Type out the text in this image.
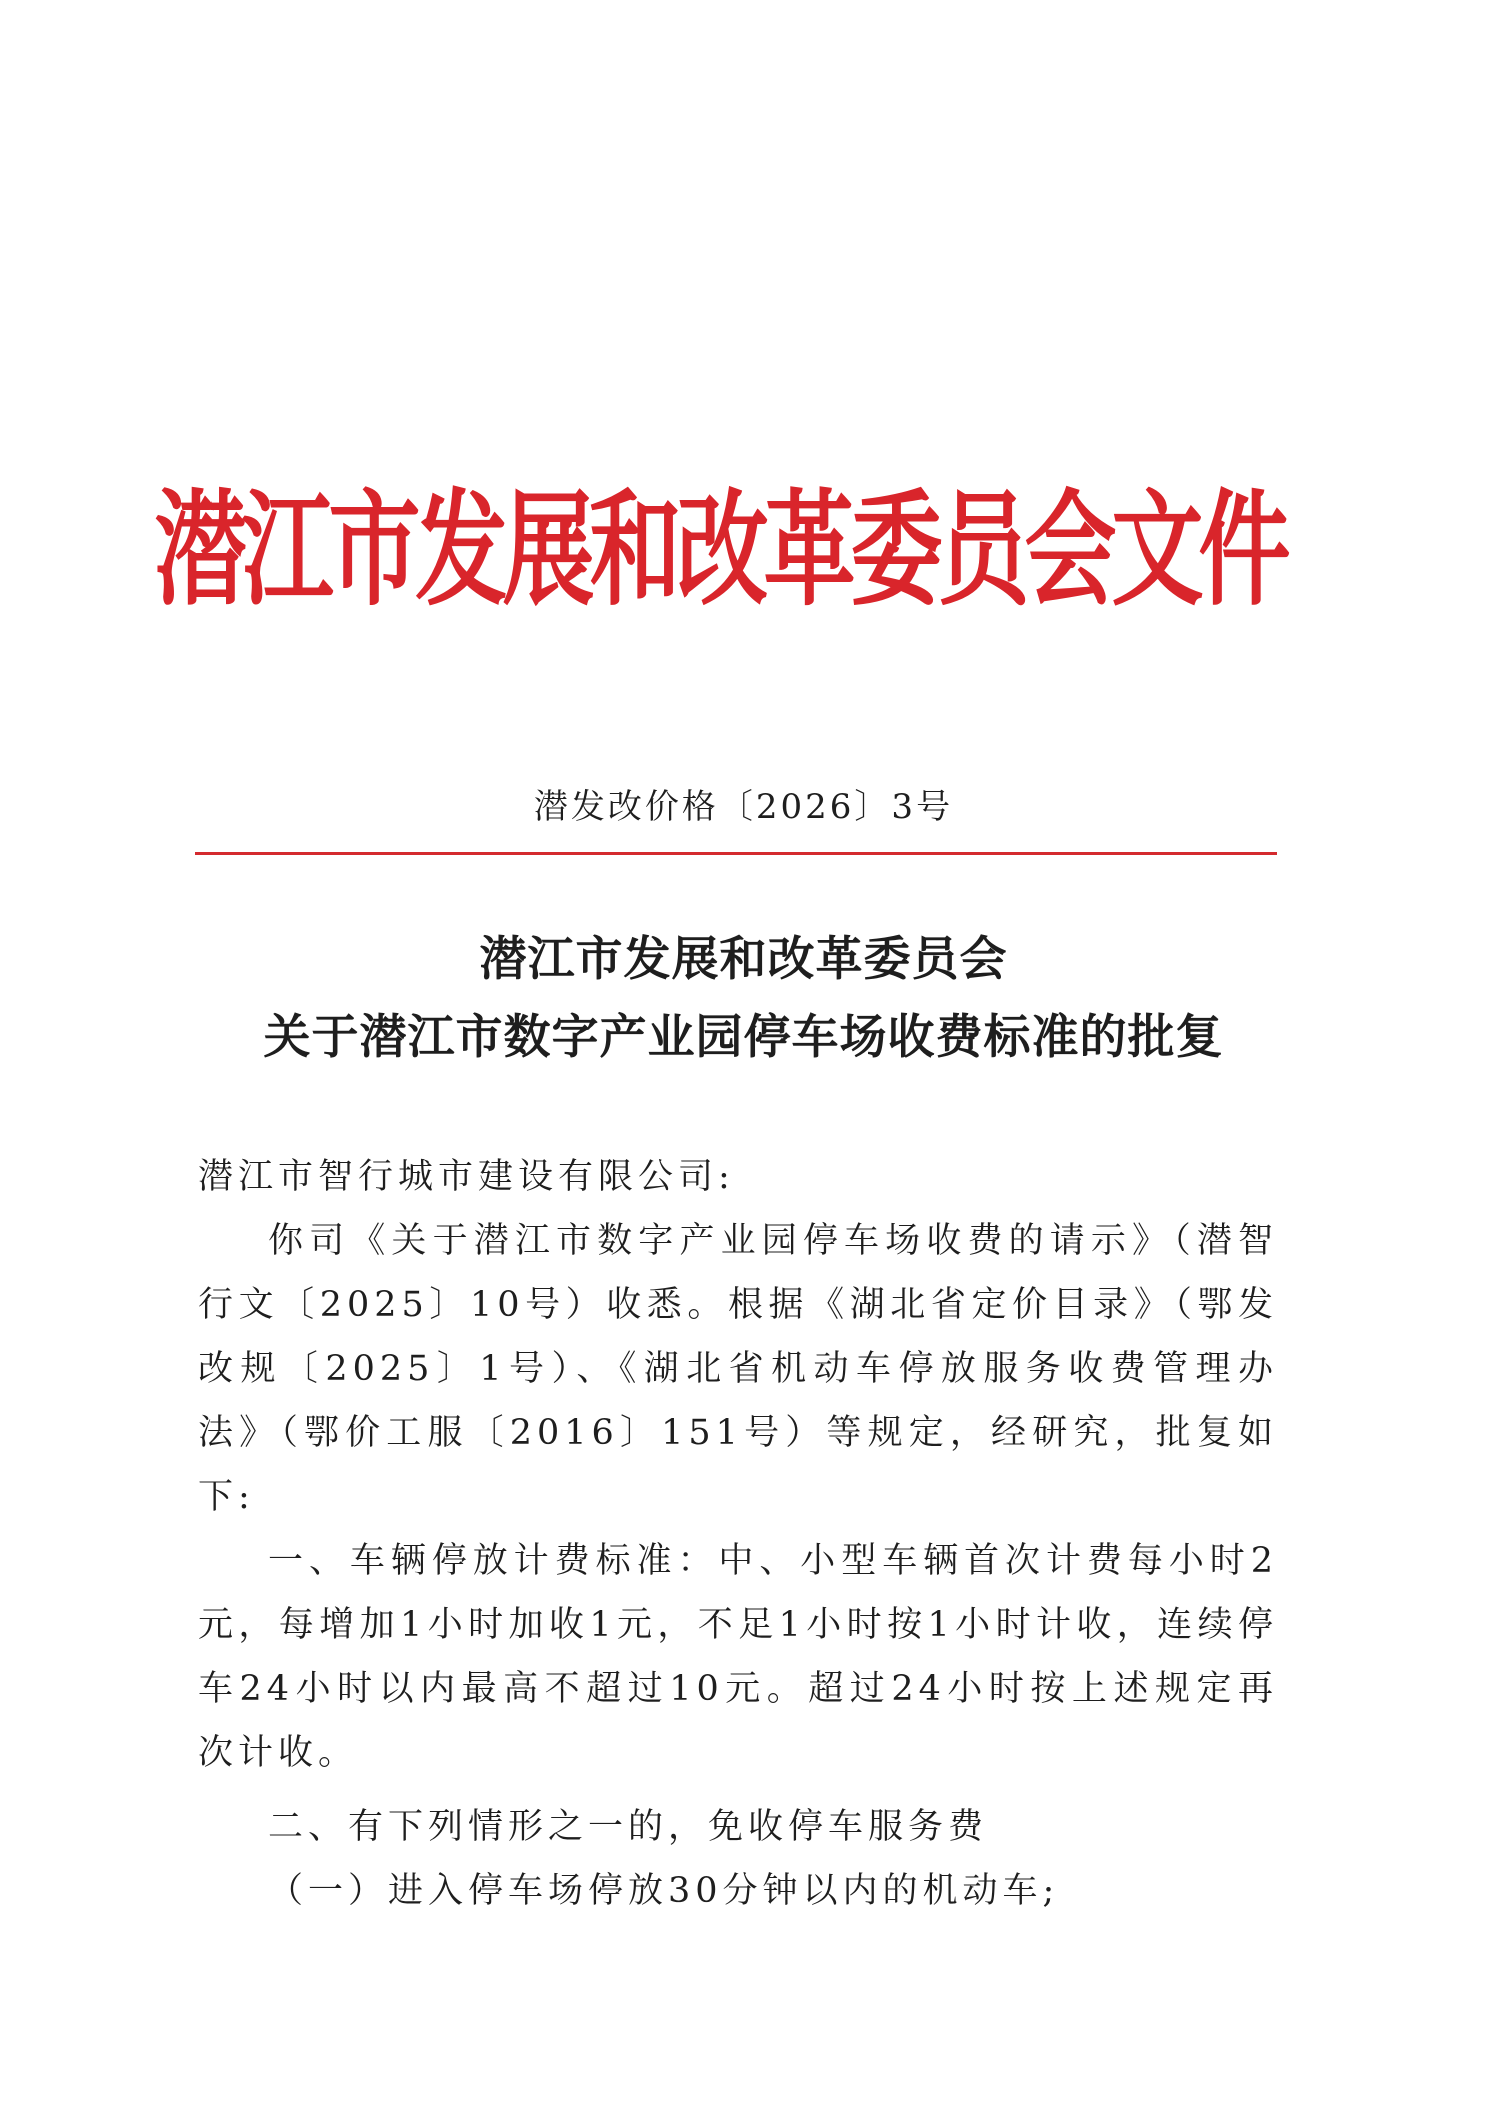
潜江市发展和改革委员会文件
潜发改价格〔2026〕3号
潜江市发展和改革委员会
关于潜江市数字产业园停车场收费标准的批复

潜江市智行城市建设有限公司:

你司《关于潜江市数字产业园停车场收费的请示》（潜智行文〔2025〕10号）收悉。根据《湖北省定价目录》（鄂发改规〔2025〕1号）、《湖北省机动车停放服务收费管理办法》（鄂价工服〔2016〕151号）等规定，经研究，批复如下:

一、车辆停放计费标准：中、小型车辆首次计费每小时2元，每增加1小时加收1元，不足1小时按1小时计收，连续停车24小时以内最高不超过10元。超过24小时按上述规定再次计收。

二、有下列情形之一的，免收停车服务费

（一）进入停车场停放30分钟以内的机动车;
